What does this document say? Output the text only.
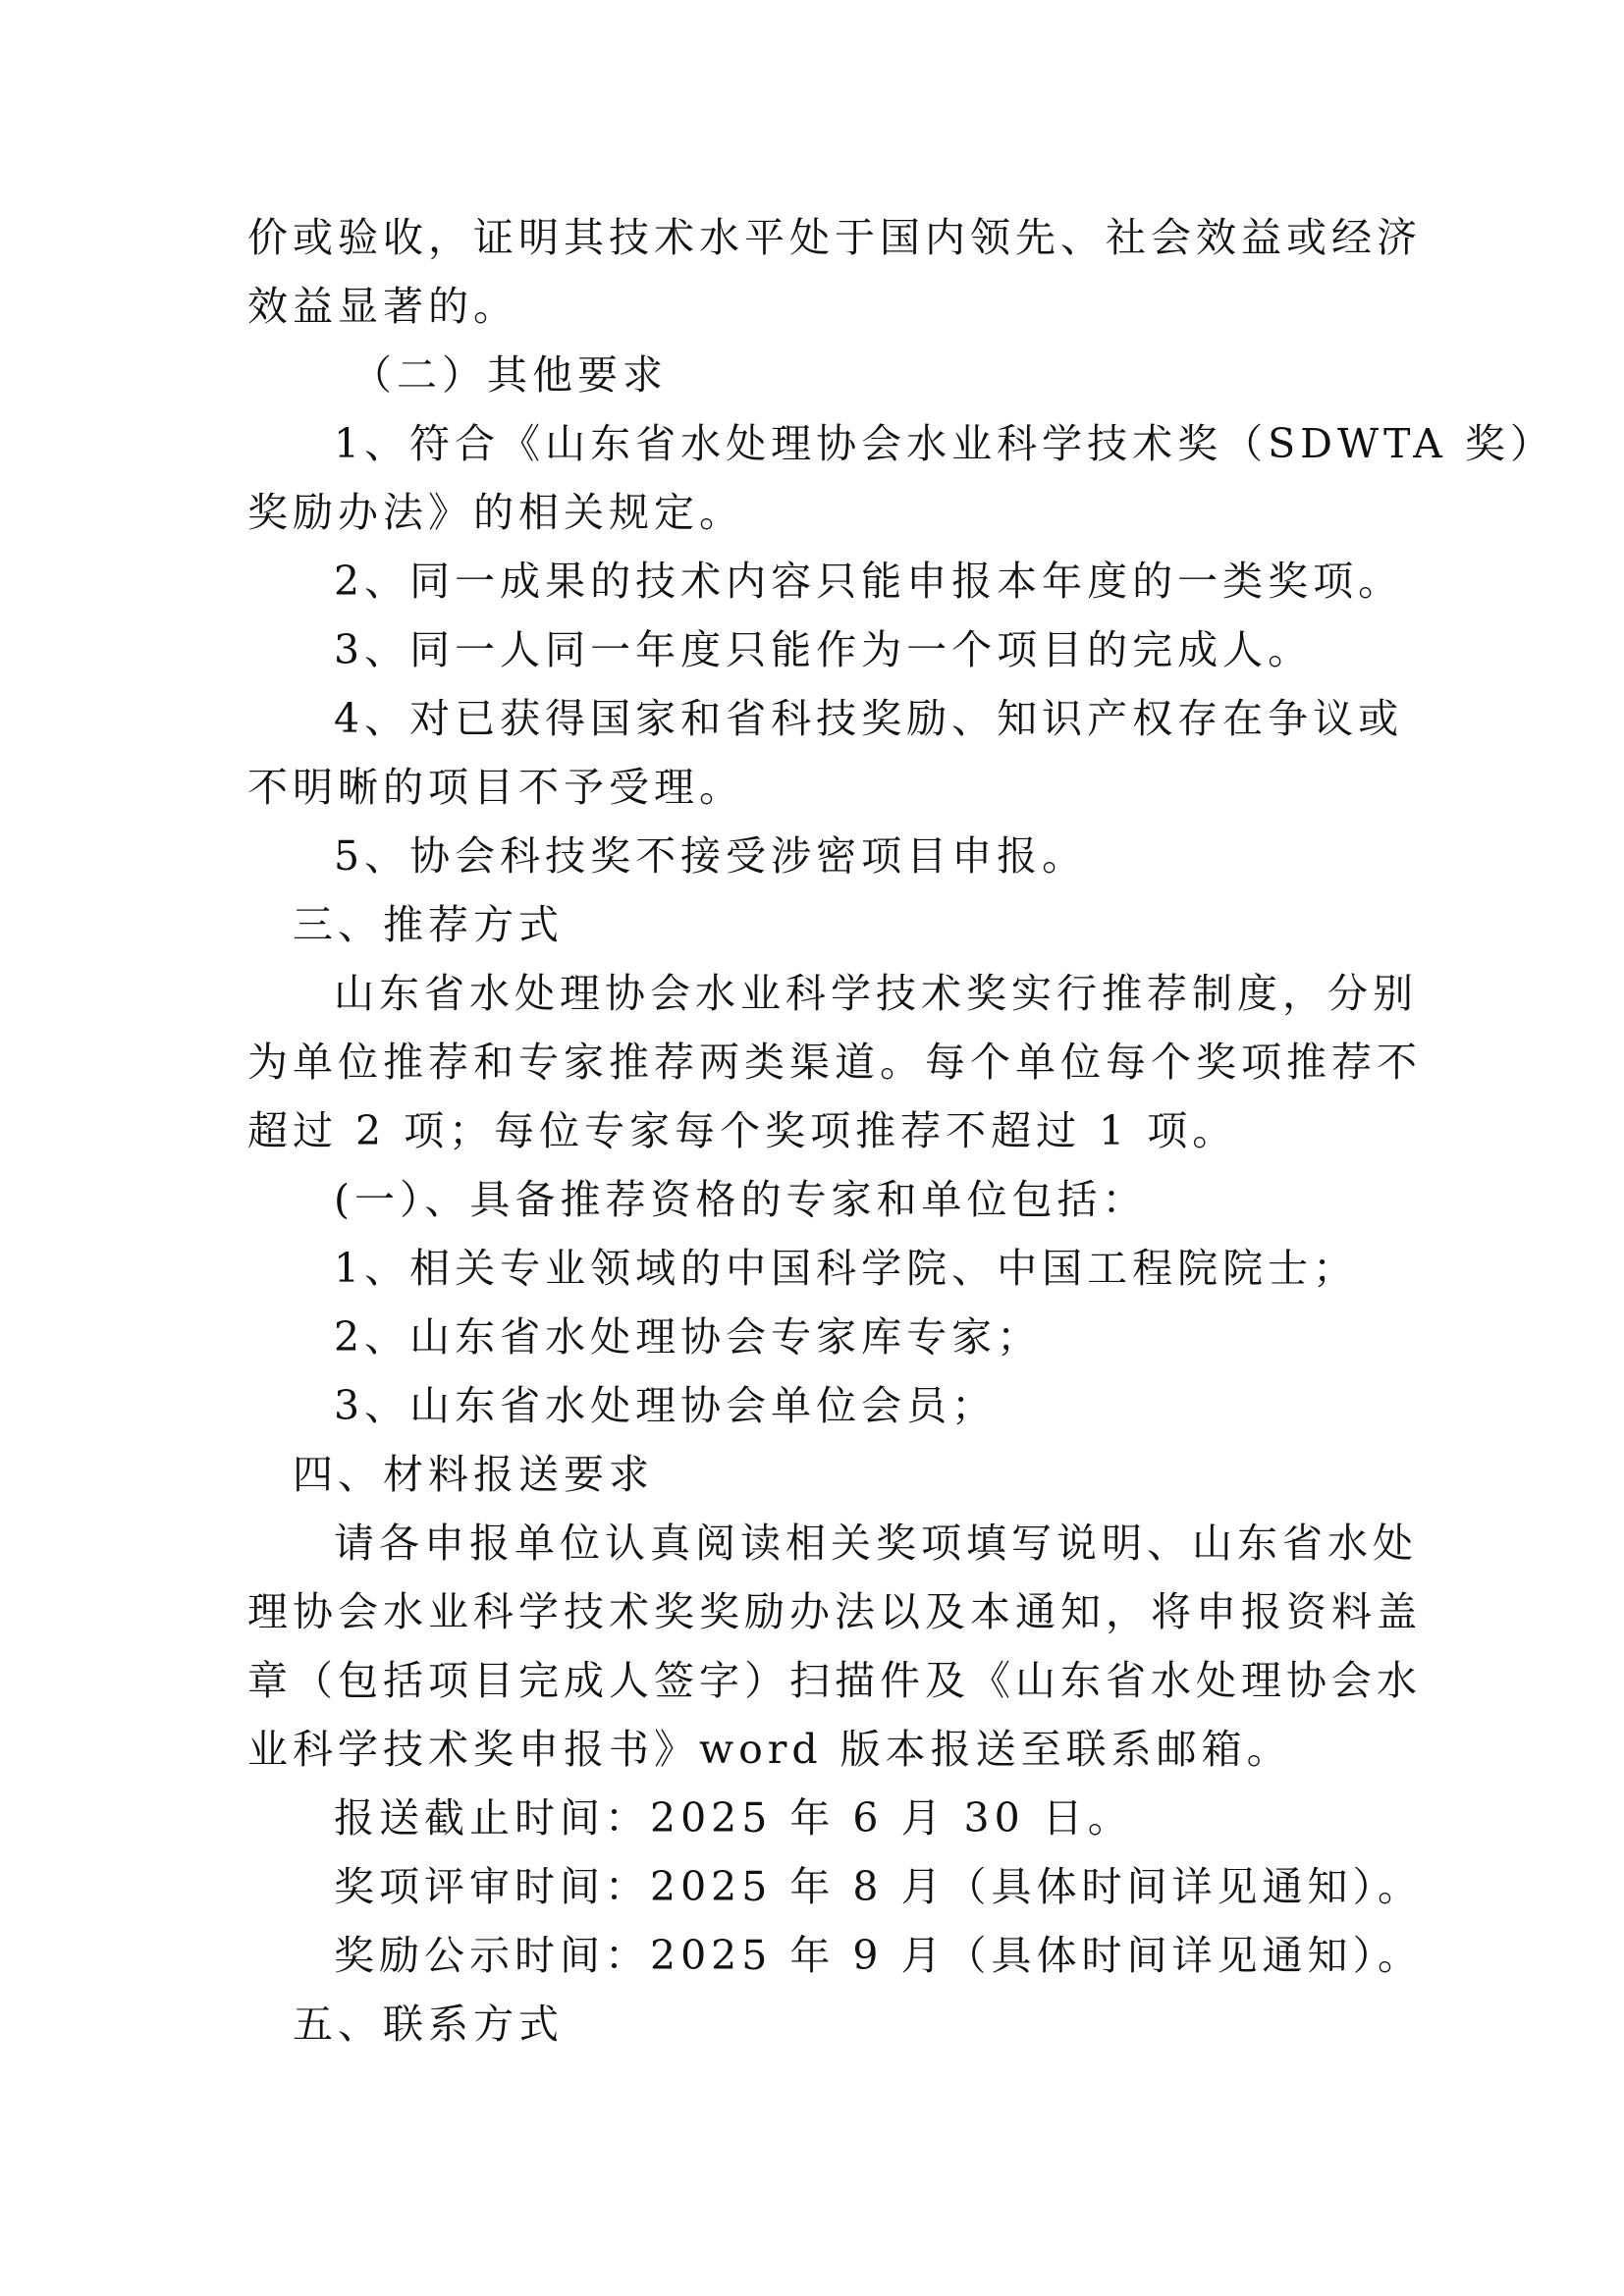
价或验收，证明其技术水平处于国内领先、社会效益或经济
效益显著的。
（二）其他要求
1、符合《山东省水处理协会水业科学技术奖（SDWTA 奖）
奖励办法》的相关规定。
2、同一成果的技术内容只能申报本年度的一类奖项。
3、同一人同一年度只能作为一个项目的完成人。
4、对已获得国家和省科技奖励、知识产权存在争议或
不明晰的项目不予受理。
5、协会科技奖不接受涉密项目申报。
三、推荐方式
山东省水处理协会水业科学技术奖实行推荐制度，分别
为单位推荐和专家推荐两类渠道。每个单位每个奖项推荐不
超过 2 项；每位专家每个奖项推荐不超过 1 项。
(一）、具备推荐资格的专家和单位包括：
1、相关专业领域的中国科学院、中国工程院院士；
2、山东省水处理协会专家库专家；
3、山东省水处理协会单位会员；
四、材料报送要求
请各申报单位认真阅读相关奖项填写说明、山东省水处
理协会水业科学技术奖奖励办法以及本通知，将申报资料盖
章（包括项目完成人签字）扫描件及《山东省水处理协会水
业科学技术奖申报书》word 版本报送至联系邮箱。
报送截止时间：2025 年 6 月 30 日。
奖项评审时间：2025 年 8 月（具体时间详见通知）。
奖励公示时间：2025 年 9 月（具体时间详见通知）。
五、联系方式
